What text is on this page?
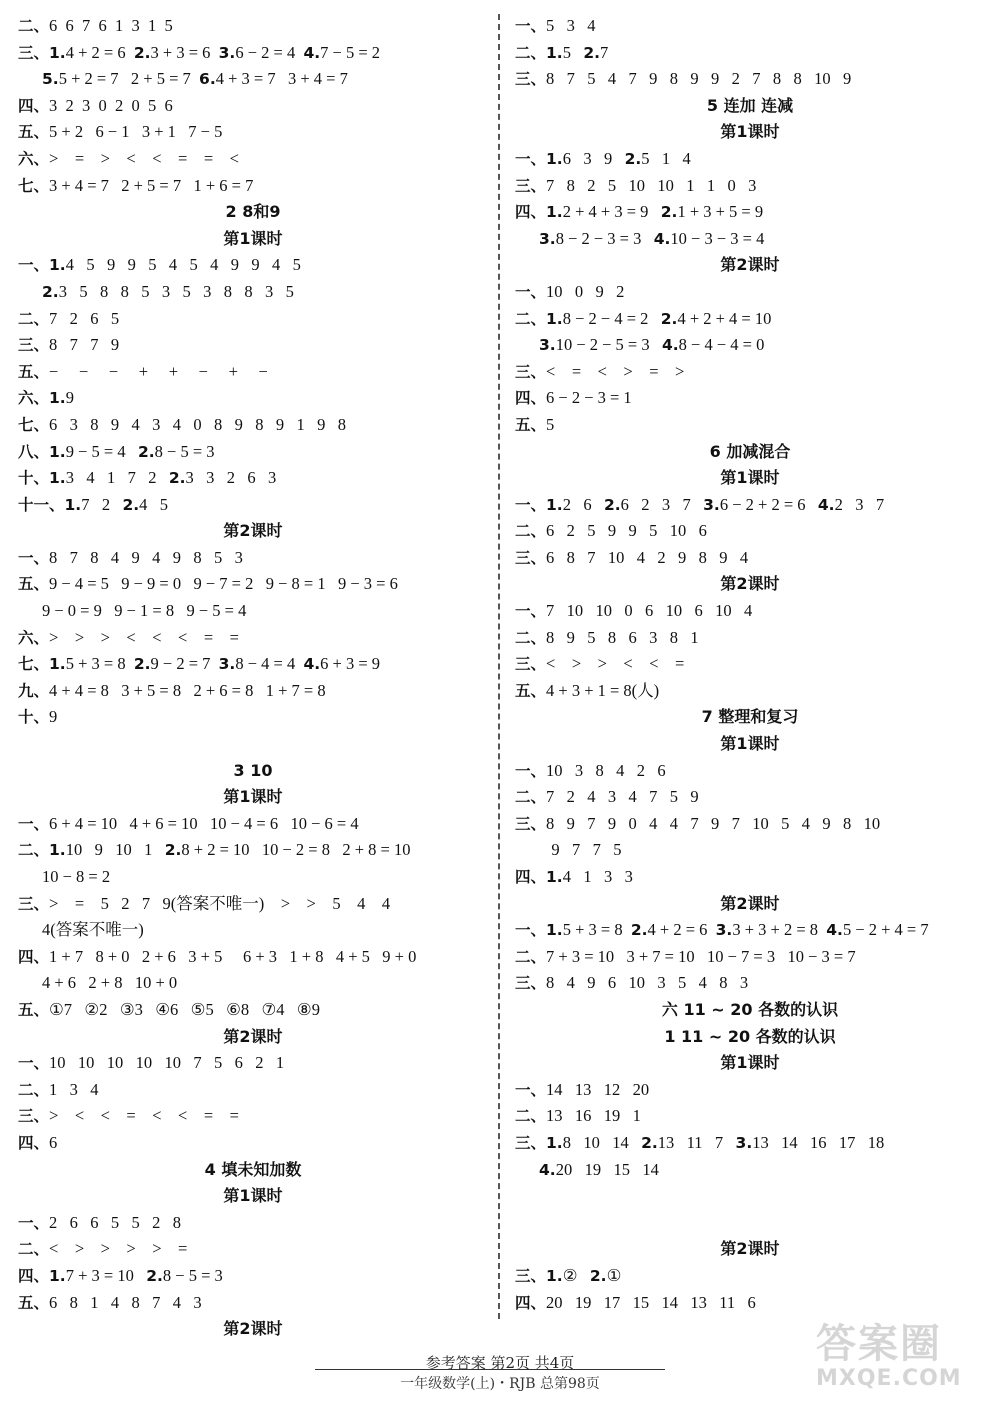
二、6  6  7  6  1  3  1  5
三、1.4 + 2 = 6  2.3 + 3 = 6  3.6 − 2 = 4  4.7 − 5 = 2
5.5 + 2 = 7   2 + 5 = 7  6.4 + 3 = 7   3 + 4 = 7
四、3  2  3  0  2  0  5  6
五、5 + 2   6 − 1   3 + 1   7 − 5
六、>    =    >    <    <    =    =    <
七、3 + 4 = 7   2 + 5 = 7   1 + 6 = 7
2 8和9
第1课时
一、1.4   5   9   9   5   4   5   4   9   9   4   5
2.3   5   8   8   5   3   5   3   8   8   3   5
二、7   2   6   5
三、8   7   7   9
五、−     −     −     +     +     −     +     −
六、1.9
七、6   3   8   9   4   3   4   0   8   9   8   9   1   9   8
八、1.9 − 5 = 4   2.8 − 5 = 3
十、1.3   4   1   7   2   2.3   3   2   6   3
十一、1.7   2   2.4   5
第2课时
一、8   7   8   4   9   4   9   8   5   3
五、9 − 4 = 5   9 − 9 = 0   9 − 7 = 2   9 − 8 = 1   9 − 3 = 6
9 − 0 = 9   9 − 1 = 8   9 − 5 = 4
六、>    >    >    <    <    <    =    =
七、1.5 + 3 = 8  2.9 − 2 = 7  3.8 − 4 = 4  4.6 + 3 = 9
九、4 + 4 = 8   3 + 5 = 8   2 + 6 = 8   1 + 7 = 8
十、9
3 10
第1课时
一、6 + 4 = 10   4 + 6 = 10   10 − 4 = 6   10 − 6 = 4
二、1.10   9   10   1   2.8 + 2 = 10   10 − 2 = 8   2 + 8 = 10
10 − 8 = 2
三、>    =    5   2   7   9(答案不唯一)    >    >    5    4    4
4(答案不唯一)
四、1 + 7   8 + 0   2 + 6   3 + 5     6 + 3   1 + 8   4 + 5   9 + 0
4 + 6   2 + 8   10 + 0
五、①7   ②2   ③3   ④6   ⑤5   ⑥8   ⑦4   ⑧9
第2课时
一、10   10   10   10   10   7   5   6   2   1
二、1   3   4
三、>    <    <    =    <    <    =    =
四、6
4 填未知加数
第1课时
一、2   6   6   5   5   2   8
二、<    >    >    >    >    =
四、1.7 + 3 = 10   2.8 − 5 = 3
五、6   8   1   4   8   7   4   3
第2课时
一、5   3   4
二、1.5   2.7
三、8   7   5   4   7   9   8   9   9   2   7   8   8   10   9
5 连加 连减
第1课时
一、1.6   3   9   2.5   1   4
三、7   8   2   5   10   10   1   1   0   3
四、1.2 + 4 + 3 = 9   2.1 + 3 + 5 = 9
3.8 − 2 − 3 = 3   4.10 − 3 − 3 = 4
第2课时
一、10   0   9   2
二、1.8 − 2 − 4 = 2   2.4 + 2 + 4 = 10
3.10 − 2 − 5 = 3   4.8 − 4 − 4 = 0
三、<    =    <    >    =    >
四、6 − 2 − 3 = 1
五、5
6 加减混合
第1课时
一、1.2   6   2.6   2   3   7   3.6 − 2 + 2 = 6   4.2   3   7
二、6   2   5   9   9   5   10   6
三、6   8   7   10   4   2   9   8   9   4
第2课时
一、7   10   10   0   6   10   6   10   4
二、8   9   5   8   6   3   8   1
三、<    >    >    <    <    =
五、4 + 3 + 1 = 8(人)
7 整理和复习
第1课时
一、10   3   8   4   2   6
二、7   2   4   3   4   7   5   9
三、8   9   7   9   0   4   4   7   9   7   10   5   4   9   8   10
9   7   7   5
四、1.4   1   3   3
第2课时
一、1.5 + 3 = 8  2.4 + 2 = 6  3.3 + 3 + 2 = 8  4.5 − 2 + 4 = 7
二、7 + 3 = 10   3 + 7 = 10   10 − 7 = 3   10 − 3 = 7
三、8   4   9   6   10   3   5   4   8   3
六 11 ~ 20 各数的认识
1 11 ~ 20 各数的认识
第1课时
一、14   13   12   20
二、13   16   19   1
三、1.8   10   14   2.13   11   7   3.13   14   16   17   18
4.20   19   15   14
第2课时
三、1.②   2.①
四、20   19   17   15   14   13   11   6
参考答案 第2页 共4页
一年级数学(上)・RJB 总第98页
答案圈
MXQE.COM
